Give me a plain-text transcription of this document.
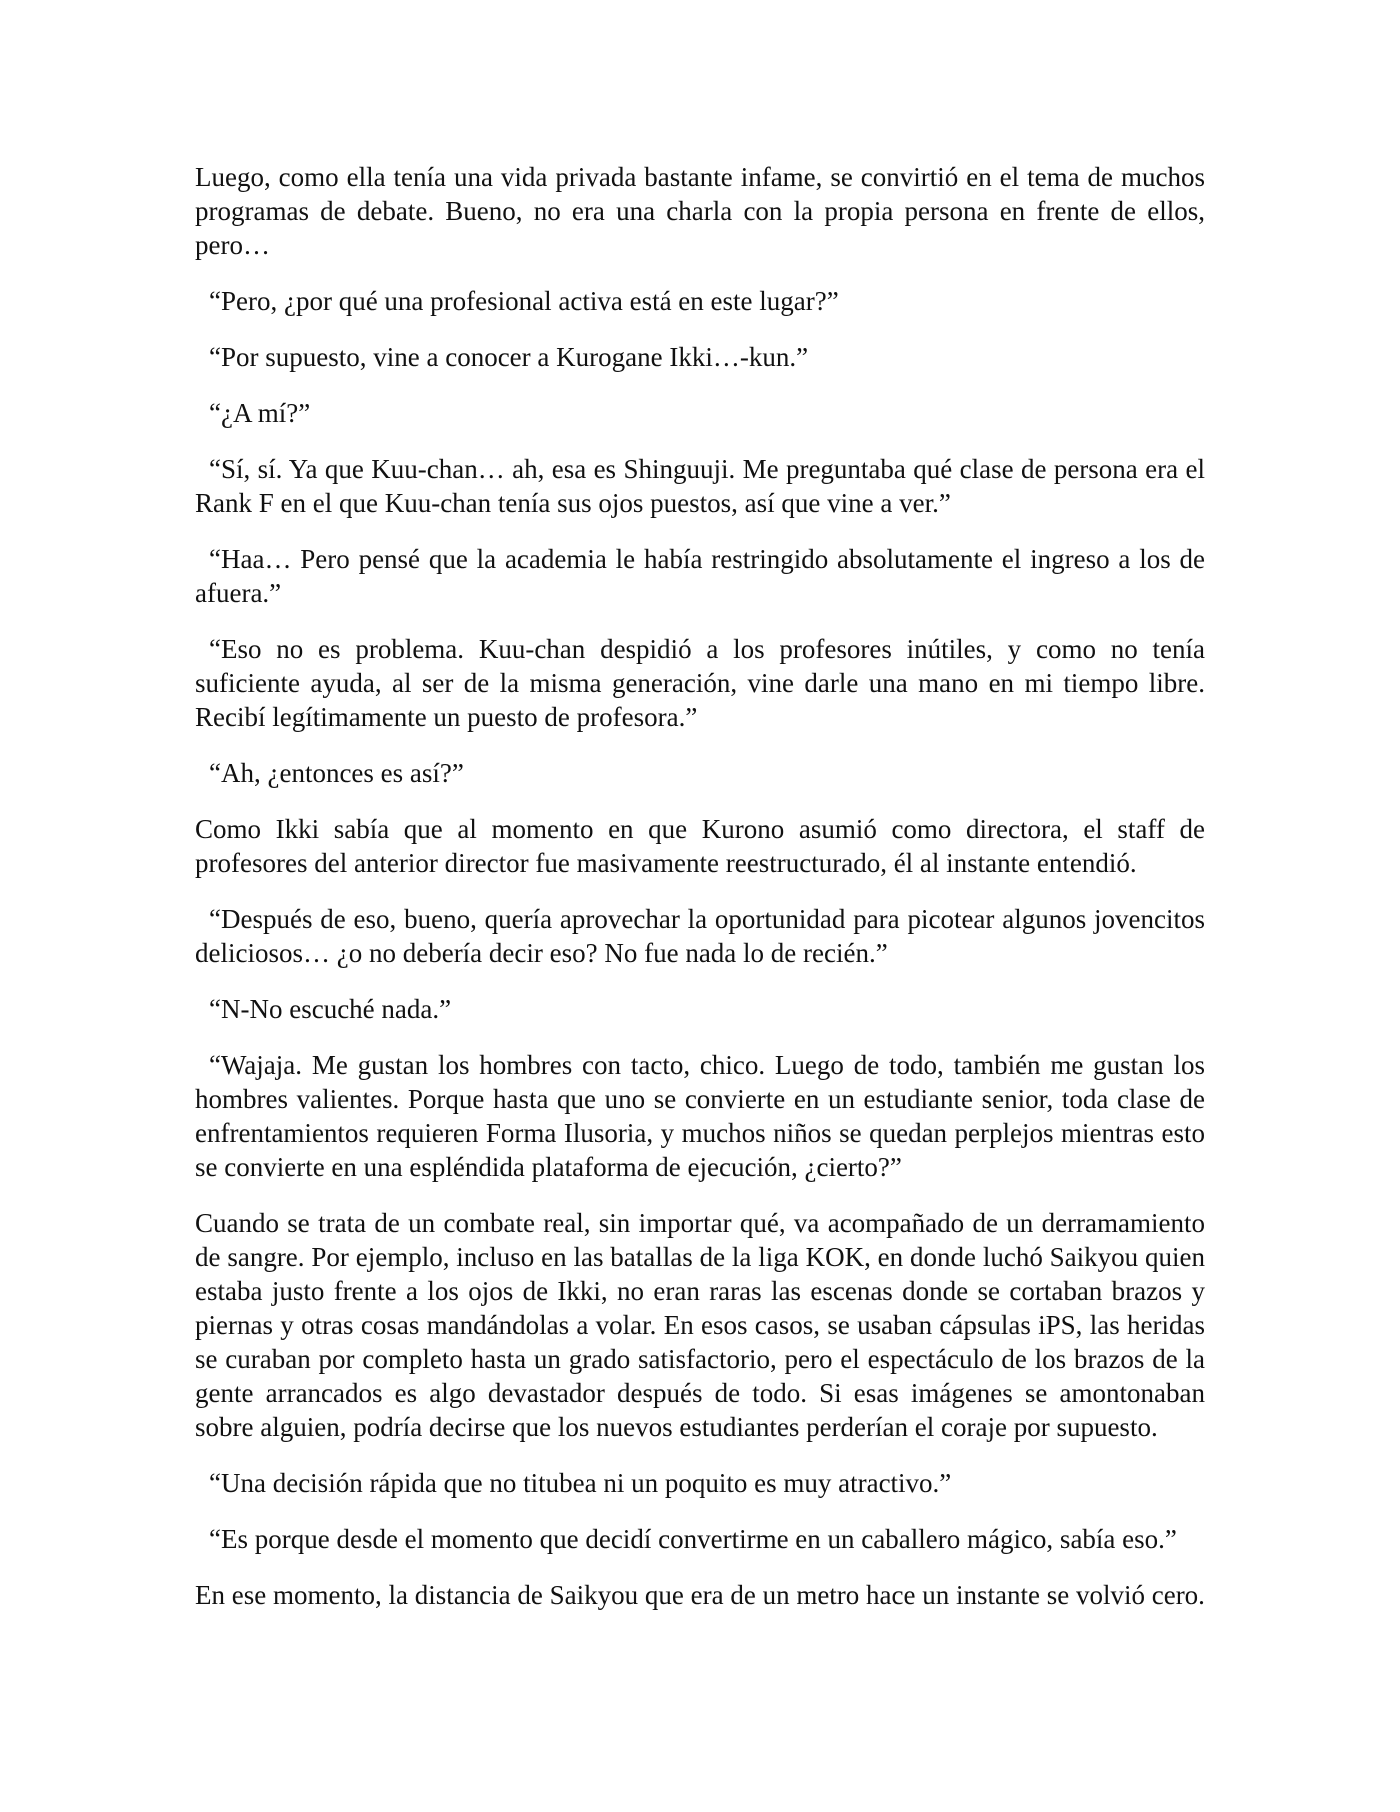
Luego, como ella tenía una vida privada bastante infame, se convirtió en el tema de muchos programas de debate. Bueno, no era una charla con la propia persona en frente de ellos, pero…

“Pero, ¿por qué una profesional activa está en este lugar?”

“Por supuesto, vine a conocer a Kurogane Ikki…-kun.”

“¿A mí?”

“Sí, sí. Ya que Kuu-chan… ah, esa es Shinguuji. Me preguntaba qué clase de persona era el Rank F en el que Kuu-chan tenía sus ojos puestos, así que vine a ver.”

“Haa… Pero pensé que la academia le había restringido absolutamente el ingreso a los de afuera.”

“Eso no es problema. Kuu-chan despidió a los profesores inútiles, y como no tenía suficiente ayuda, al ser de la misma generación, vine darle una mano en mi tiempo libre. Recibí legítimamente un puesto de profesora.”

“Ah, ¿entonces es así?”

Como Ikki sabía que al momento en que Kurono asumió como directora, el staff de profesores del anterior director fue masivamente reestructurado, él al instante entendió.

“Después de eso, bueno, quería aprovechar la oportunidad para picotear algunos jovencitos deliciosos… ¿o no debería decir eso? No fue nada lo de recién.”

“N-No escuché nada.”

“Wajaja. Me gustan los hombres con tacto, chico. Luego de todo, también me gustan los hombres valientes. Porque hasta que uno se convierte en un estudiante senior, toda clase de enfrentamientos requieren Forma Ilusoria, y muchos niños se quedan perplejos mientras esto se convierte en una espléndida plataforma de ejecución, ¿cierto?”

Cuando se trata de un combate real, sin importar qué, va acompañado de un derramamiento de sangre. Por ejemplo, incluso en las batallas de la liga KOK, en donde luchó Saikyou quien estaba justo frente a los ojos de Ikki, no eran raras las escenas donde se cortaban brazos y piernas y otras cosas mandándolas a volar. En esos casos, se usaban cápsulas iPS, las heridas se curaban por completo hasta un grado satisfactorio, pero el espectáculo de los brazos de la gente arrancados es algo devastador después de todo. Si esas imágenes se amontonaban sobre alguien, podría decirse que los nuevos estudiantes perderían el coraje por supuesto.

“Una decisión rápida que no titubea ni un poquito es muy atractivo.”

“Es porque desde el momento que decidí convertirme en un caballero mágico, sabía eso.”

En ese momento, la distancia de Saikyou que era de un metro hace un instante se volvió cero.
